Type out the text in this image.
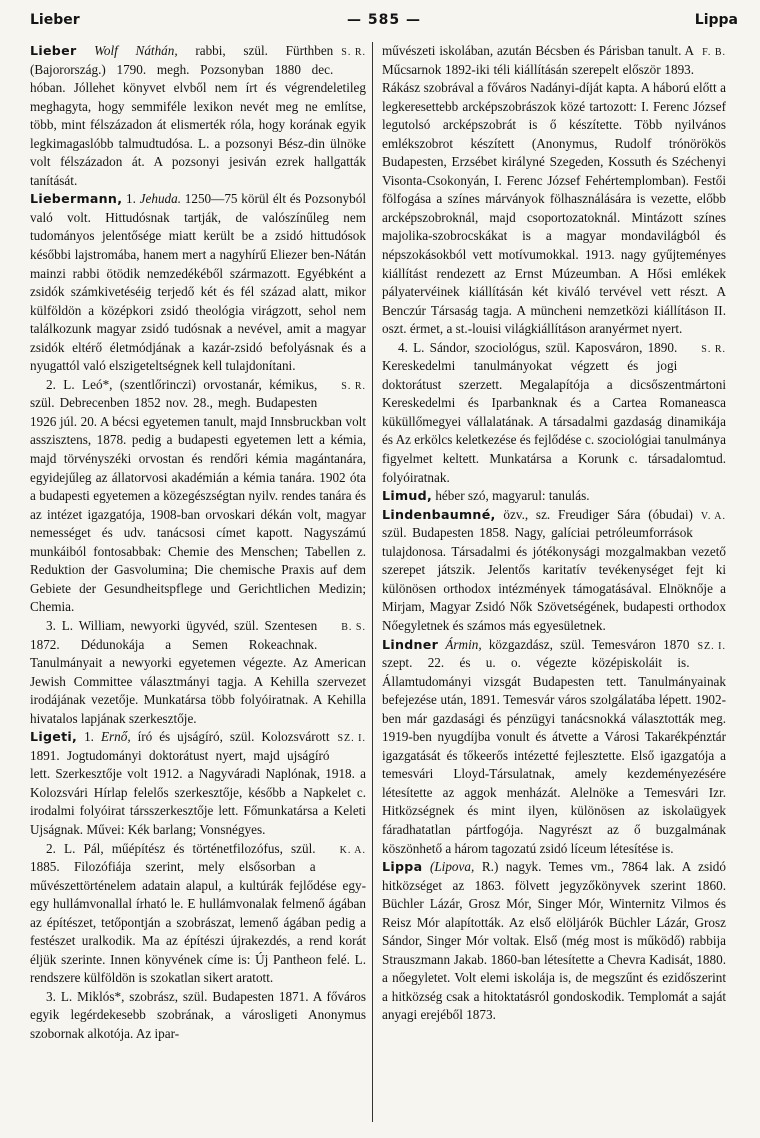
Lieber	— 585 —	Lippa

S. R.
Lieber Wolf Náthán, rabbi, szül. Fürthben (Bajorország.) 1790. megh. Pozsonyban 1880 dec. hóban. Jóllehet könyvet elvből nem írt és végrendeletileg meghagyta, hogy semmiféle lexikon nevét meg ne említse, több, mint félszázadon át elismerték róla, hogy korának egyik legkimagaslóbb talmudtudósa. L. a pozsonyi Bész-din ülnöke volt félszázadon át. A pozsonyi jesiván ezrek hallgatták tanítását.

Liebermann, 1. Jehuda. 1250—75 körül élt és Pozsonyból való volt. Hittudósnak tartják, de valószínűleg nem tudományos jelentősége miatt került be a zsidó hittudósok későbbi lajstromába, hanem mert a nagyhírű Eliezer ben-Nátán mainzi rabbi ötödik nemzedékéből származott. Egyébként a zsidók számkivetéséig terjedő két és fél század alatt, mikor külföldön a középkori zsidó theológia virágzott, sehol nem találkozunk magyar zsidó tudósnak a nevével, amit a magyar zsidók eltérő életmódjának a kazár-zsidó befolyásnak és a nyugattól való elszigeteltségnek kell tulajdonítani.

S. R.
2. L. Leó*, (szentlőrinczi) orvostanár, kémikus, szül. Debrecenben 1852 nov. 28., megh. Budapesten 1926 júl. 20. A bécsi egyetemen tanult, majd Innsbruckban volt asszisztens, 1878. pedig a budapesti egyetemen lett a kémia, majd törvényszéki orvostan és rendőri kémia magántanára, egyidejűleg az állatorvosi akadémián a kémia tanára. 1902 óta a budapesti egyetemen a közegészségtan nyilv. rendes tanára és az intézet igazgatója, 1908-ban orvoskari dékán volt, magyar nemességet és udv. tanácsosi címet kapott. Nagyszámú munkáiból fontosabbak: Chemie des Menschen; Tabellen z. Reduktion der Gasvolumina; Die chemische Praxis auf dem Gebiete der Gesundheitspflege und Gerichtlichen Medizin; Chemia.

B. S.
3. L. William, newyorki ügyvéd, szül. Szentesen 1872. Dédunokája a Semen Rokeachnak. Tanulmányait a newyorki egyetemen végezte. Az American Jewish Committee választmányi tagja. A Kehilla szervezet irodájának vezetője. Munkatársa több folyóiratnak. A Kehilla hivatalos lapjának szerkesztője.

SZ. I.
Ligeti, 1. Ernő, író és ujságíró, szül. Kolozsvárott 1891. Jogtudományi doktorátust nyert, majd ujságíró lett. Szerkesztője volt 1912. a Nagyváradi Naplónak, 1918. a Kolozsvári Hírlap felelős szerkesztője, később a Napkelet c. irodalmi folyóirat társszerkesztője lett. Főmunkatársa a Keleti Ujságnak. Művei: Kék barlang; Vonsnégyes.

K. A.
2. L. Pál, műépítész és történetfilozófus, szül. 1885. Filozófiája szerint, mely elsősorban a művészettörténelem adatain alapul, a kultúrák fejlődése egy-egy hullámvonallal írható le. E hullámvonalak felmenő ágában az építészet, tetőpontján a szobrászat, lemenő ágában pedig a festészet uralkodik. Ma az építészi újrakezdés, a rend korát éljük szerinte. Innen könyvének címe is: Új Pantheon felé. L. rendszere külföldön is szokatlan sikert aratott.

3. L. Miklós*, szobrász, szül. Budapesten 1871. A főváros egyik legérdekesebb szobrának, a városligeti Anonymus szobornak alkotója. Az ipar-

F. B.
művészeti iskolában, azután Bécsben és Párisban tanult. A Műcsarnok 1892-iki téli kiállításán szerepelt először 1893. Rákász szobrával a főváros Nadányi-díját kapta. A háború előtt a legkeresettebb arcképszobrászok közé tartozott: I. Ferenc József legutolsó arcképszobrát is ő készítette. Több nyilvános emlékszobrot készített (Anonymus, Rudolf trónörökös Budapesten, Erzsébet királyné Szegeden, Kossuth és Széchenyi Visonta-Csokonyán, I. Ferenc József Fehértemplomban). Festői fölfogása a színes márványok fölhasználására is vezette, előbb arcképszobroknál, majd csoportozatoknál. Mintázott színes majolika-szobrocskákat is a magyar mondavilágból és népszokásokból vett motívumokkal. 1913. nagy gyűjteményes kiállítást rendezett az Ernst Múzeumban. A Hősi emlékek pályatervéinek kiállításán két kiváló tervével vett részt. A Benczúr Társaság tagja. A müncheni nemzetközi kiállításon II. oszt. érmet, a st.-louisi világkiállításon aranyérmet nyert.

S. R.
4. L. Sándor, szociológus, szül. Kaposváron, 1890. Kereskedelmi tanulmányokat végzett és jogi doktorátust szerzett. Megalapítója a dicsőszentmártoni Kereskedelmi és Iparbanknak és a Cartea Romaneasca küküllőmegyei vállalatának. A társadalmi gazdaság dinamikája és Az erkölcs keletkezése és fejlődése c. szociológiai tanulmánya figyelmet keltett. Munkatársa a Korunk c. társadalomtud. folyóiratnak.

Limud, héber szó, magyarul: tanulás.

V. A.
Lindenbaumné, özv., sz. Freudiger Sára (óbudai) szül. Budapesten 1858. Nagy, galíciai petróleumforrások tulajdonosa. Társadalmi és jótékonysági mozgalmakban vezető szerepet játszik. Jelentős karitatív tevékenységet fejt ki különösen orthodox intézmények támogatásával. Elnöknője a Mirjam, Magyar Zsidó Nők Szövetségének, budapesti orthodox Nőegyletnek és számos más egyesületnek.

SZ. I.
Lindner Ármin, közgazdász, szül. Temesváron 1870 szept. 22. és u. o. végezte középiskoláit is. Államtudományi vizsgát Budapesten tett. Tanulmányainak befejezése után, 1891. Temesvár város szolgálatába lépett. 1902-ben már gazdasági és pénzügyi tanácsnokká választották meg. 1919-ben nyugdíjba vonult és átvette a Városi Takarékpénztár igazgatását és tőkeerős intézetté fejlesztette. Első igazgatója a temesvári Lloyd-Társulatnak, amely kezdeményezésére létesítette az aggok menházát. Alelnöke a Temesvári Izr. Hitközségnek és mint ilyen, különösen az iskolaügyek fáradhatatlan pártfogója. Nagyrészt az ő buzgalmának köszönhető a három tagozatú zsidó líceum létesítése is.

Lippa (Lipova, R.) nagyk. Temes vm., 7864 lak. A zsidó hitközséget az 1863. fölvett jegyzőkönyvek szerint 1860. Büchler Lázár, Grosz Mór, Singer Mór, Winternitz Vilmos és Reisz Mór alapították. Az első elöljárók Büchler Lázár, Grosz Sándor, Singer Mór voltak. Első (még most is működő) rabbija Strauszmann Jakab. 1860-ban létesítette a Chevra Kadisát, 1880. a nőegyletet. Volt elemi iskolája is, de megszűnt és ezidőszerint a hitközség csak a hitoktatásról gondoskodik. Templomát a saját anyagi erejéből 1873.
